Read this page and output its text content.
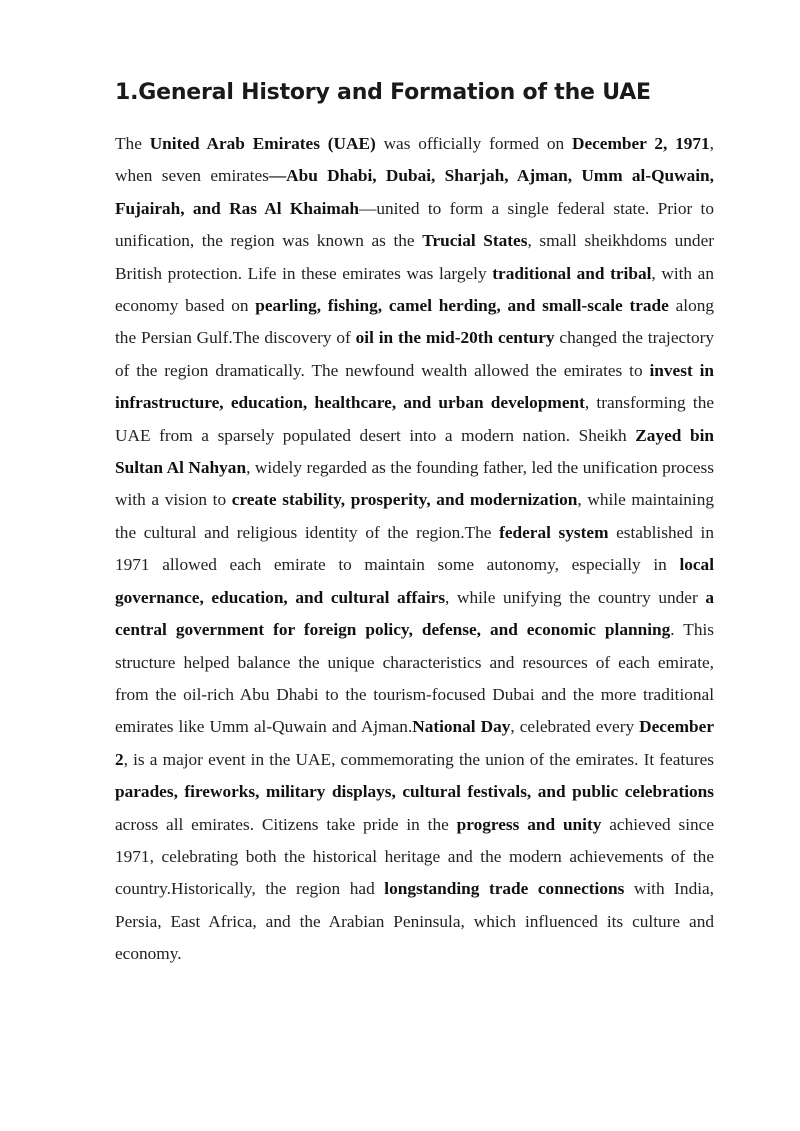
1.General History and Formation of the UAE

The United Arab Emirates (UAE) was officially formed on December 2, 1971, when seven emirates—Abu Dhabi, Dubai, Sharjah, Ajman, Umm al-Quwain, Fujairah, and Ras Al Khaimah—united to form a single federal state. Prior to unification, the region was known as the Trucial States, small sheikhdoms under British protection. Life in these emirates was largely traditional and tribal, with an economy based on pearling, fishing, camel herding, and small-scale trade along the Persian Gulf.The discovery of oil in the mid-20th century changed the trajectory of the region dramatically. The newfound wealth allowed the emirates to invest in infrastructure, education, healthcare, and urban development, transforming the UAE from a sparsely populated desert into a modern nation. Sheikh Zayed bin Sultan Al Nahyan, widely regarded as the founding father, led the unification process with a vision to create stability, prosperity, and modernization, while maintaining the cultural and religious identity of the region.The federal system established in 1971 allowed each emirate to maintain some autonomy, especially in local governance, education, and cultural affairs, while unifying the country under a central government for foreign policy, defense, and economic planning. This structure helped balance the unique characteristics and resources of each emirate, from the oil-rich Abu Dhabi to the tourism-focused Dubai and the more traditional emirates like Umm al-Quwain and Ajman.National Day, celebrated every December 2, is a major event in the UAE, commemorating the union of the emirates. It features parades, fireworks, military displays, cultural festivals, and public celebrations across all emirates. Citizens take pride in the progress and unity achieved since 1971, celebrating both the historical heritage and the modern achievements of the country.Historically, the region had longstanding trade connections with India, Persia, East Africa, and the Arabian Peninsula, which influenced its culture and economy.
